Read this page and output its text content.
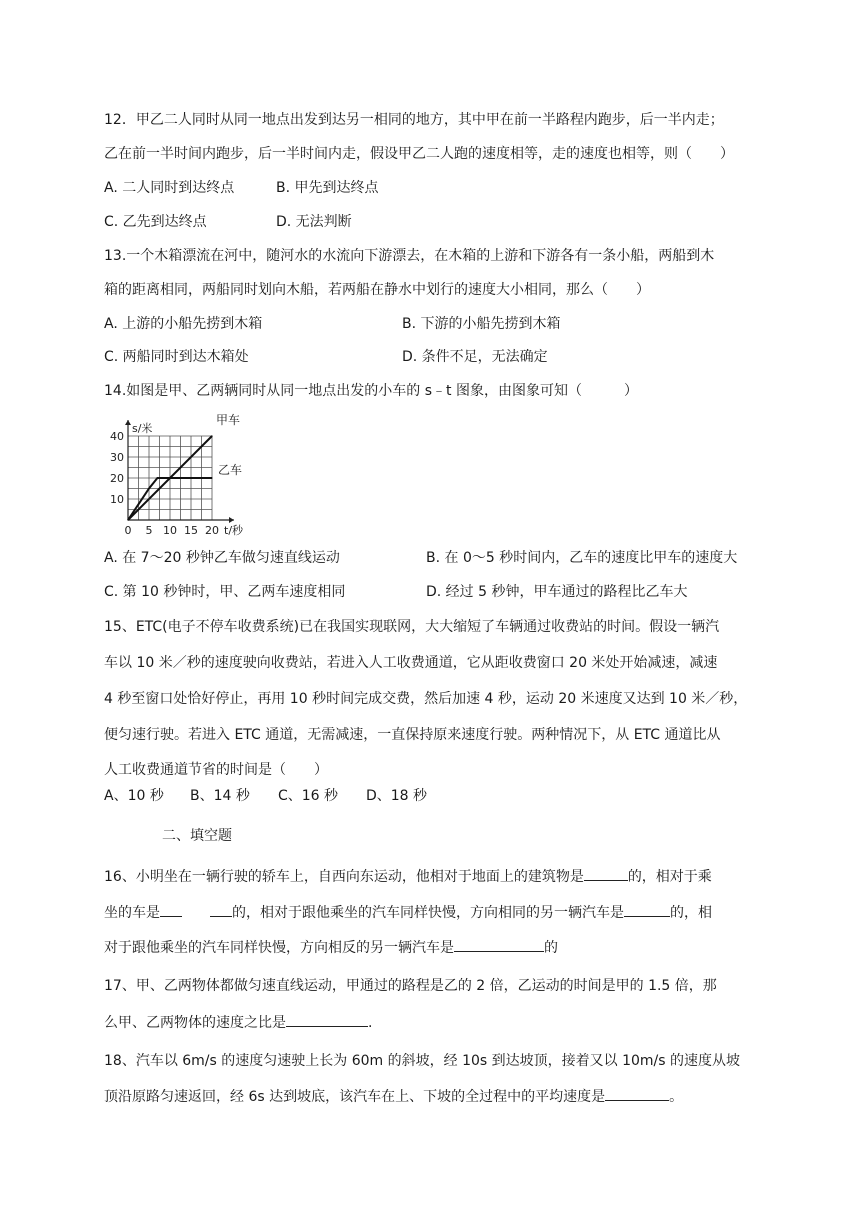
12．甲乙二人同时从同一地点出发到达另一相同的地方，其中甲在前一半路程内跑步，后一半内走；
乙在前一半时间内跑步，后一半时间内走，假设甲乙二人跑的速度相等，走的速度也相等，则（　　）
A. 二人同时到达终点	B. 甲先到达终点
C. 乙先到达终点	D. 无法判断
13.一个木箱漂流在河中，随河水的水流向下游漂去，在木箱的上游和下游各有一条小船，两船到木
箱的距离相同，两船同时划向木船，若两船在静水中划行的速度大小相同，那么（　　）
A. 上游的小船先捞到木箱	B. 下游的小船先捞到木箱
C. 两船同时到达木箱处	D. 条件不足，无法确定
14.如图是甲、乙两辆同时从同一地点出发的小车的 s﹣t 图象，由图象可知（　　　）
0 5 10 15 20
10
20
30
40
s/米
t/秒
甲车
乙车
A. 在 7～20 秒钟乙车做匀速直线运动	B. 在 0～5 秒时间内，乙车的速度比甲车的速度大
C. 第 10 秒钟时，甲、乙两车速度相同	D. 经过 5 秒钟，甲车通过的路程比乙车大
15、ETC(电子不停车收费系统)已在我国实现联网，大大缩短了车辆通过收费站的时间。假设一辆汽
车以 10 米／秒的速度驶向收费站，若进入人工收费通道，它从距收费窗口 20 米处开始减速，减速
4 秒至窗口处恰好停止，再用 10 秒时间完成交费，然后加速 4 秒，运动 20 米速度又达到 10 米／秒，
便匀速行驶。若进入 ETC 通道，无需减速，一直保持原来速度行驶。两种情况下，从 ETC 通道比从
人工收费通道节省的时间是（　　）
A、10 秒 B、14 秒 C、16 秒 D、18 秒
二、填空题
16、小明坐在一辆行驶的轿车上，自西向东运动，他相对于地面上的建筑物是	的，相对于乘
坐的车是	的，相对于跟他乘坐的汽车同样快慢，方向相同的另一辆汽车是	的，相
对于跟他乘坐的汽车同样快慢，方向相反的另一辆汽车是	的
17、甲、乙两物体都做匀速直线运动，甲通过的路程是乙的 2 倍，乙运动的时间是甲的 1.5 倍，那
么甲、乙两物体的速度之比是	.
18、汽车以 6m/s 的速度匀速驶上长为 60m 的斜坡，经 10s 到达坡顶，接着又以 10m/s 的速度从坡
顶沿原路匀速返回，经 6s 达到坡底，该汽车在上、下坡的全过程中的平均速度是	。
